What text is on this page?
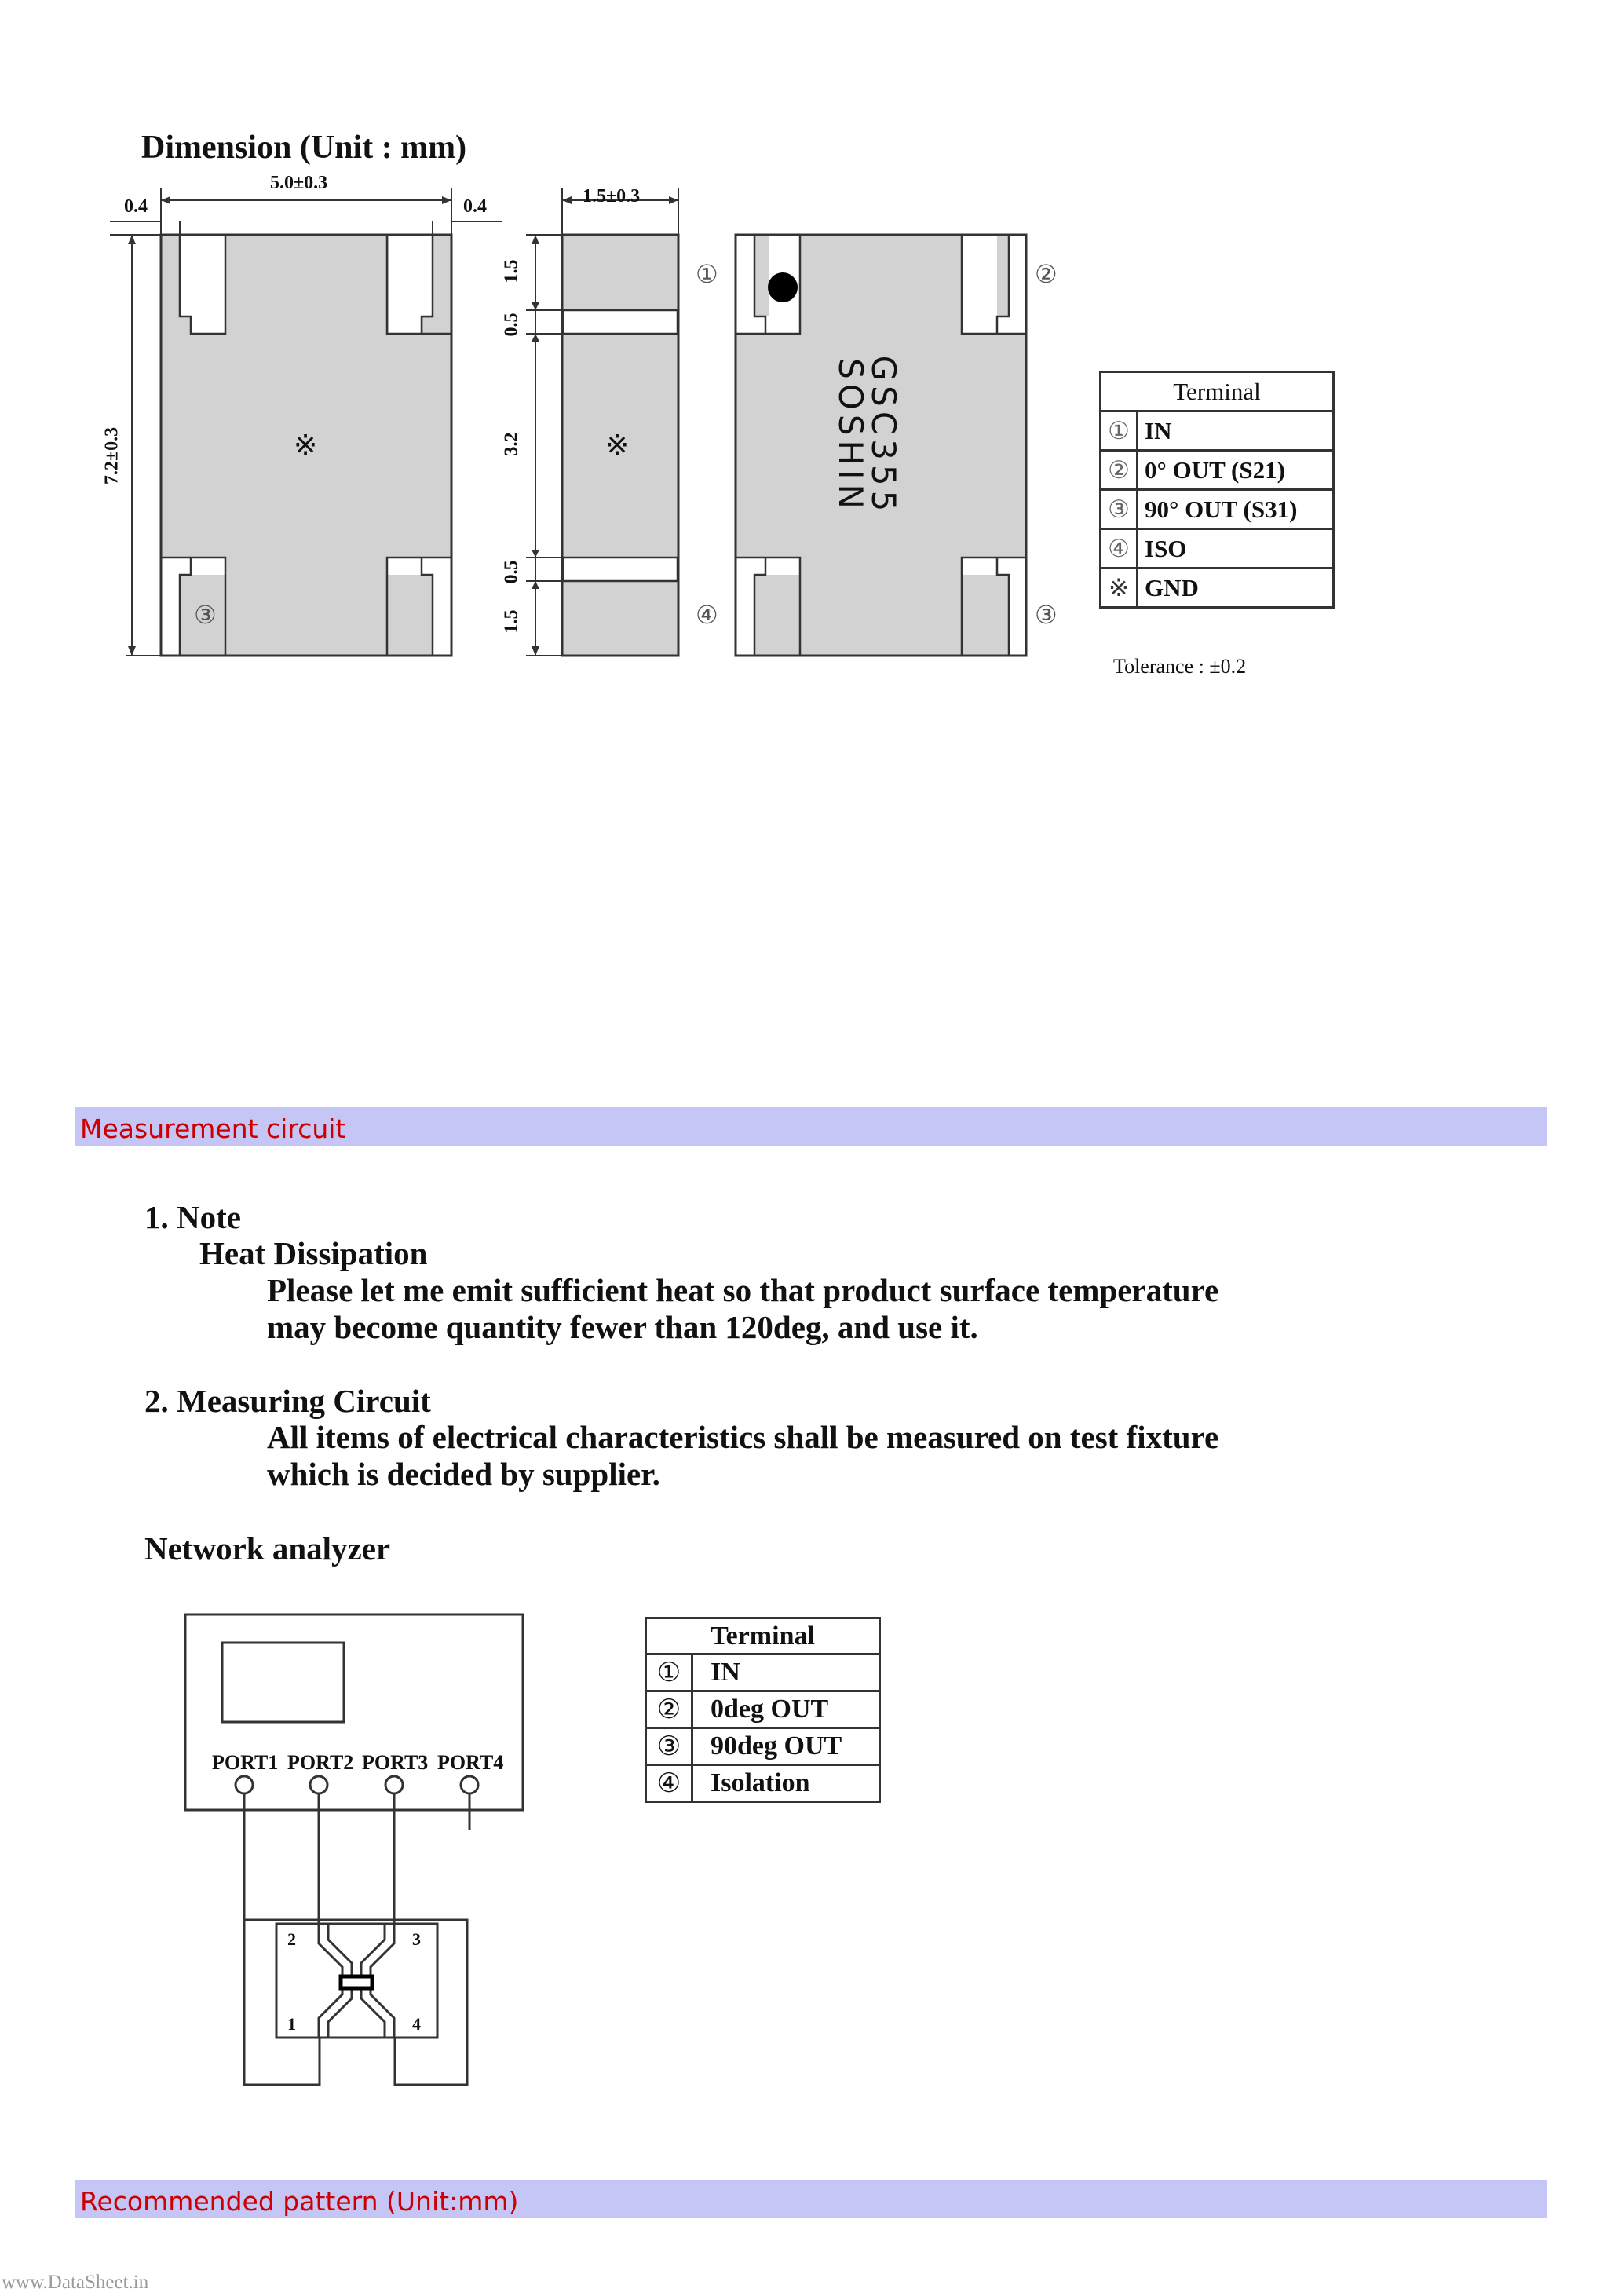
Dimension (Unit : mm)
5.0±0.3
0.4	0.4
7.2±0.3
1.5±0.3
1.5
0.5
3.2
0.5
1.5
※	※
③
①	②
④	③
GSC355
SOSHIN	Terminal	
①	IN
②	0° OUT (S21)
③	90° OUT (S31)
④	ISO
※	GND
Tolerance : ±0.2
Measurement circuit
1. Note
Heat Dissipation
Please let me emit sufficient heat so that product surface temperature
may become quantity fewer than 120deg, and use it.
2. Measuring Circuit
All items of electrical characteristics shall be measured on test fixture
which is decided by supplier.
Network analyzer
PORT1 PORT2 PORT3 PORT4
2	3
1	4
Terminal	
①	IN
②	0deg OUT
③	90deg OUT
④	Isolation
Recommended pattern (Unit:mm)
www.DataSheet.in
